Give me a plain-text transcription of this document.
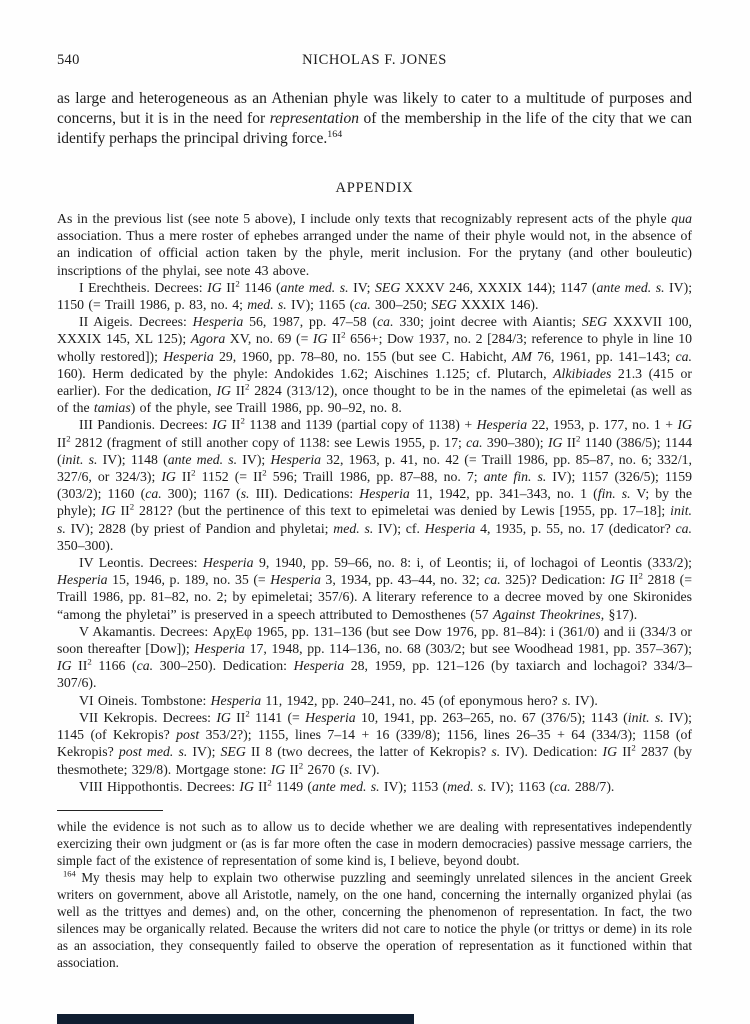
540	NICHOLAS F. JONES

as large and heterogeneous as an Athenian phyle was likely to cater to a multitude of purposes and concerns, but it is in the need for representation of the membership in the life of the city that we can identify perhaps the principal driving force.$^{164}$

APPENDIX

As in the previous list (see note 5 above), I include only texts that recognizably represent acts of the phyle qua association. Thus a mere roster of ephebes arranged under the name of their phyle would not, in the absence of an indication of official action taken by the phyle, merit inclusion. For the prytany (and other bouleutic) inscriptions of the phylai, see note 43 above.

I Erechtheis. Decrees: IG $II^2$ 1146 (ante med. s. IV; SEG XXXV 246, XXXIX 144); 1147 (ante med. s. IV); 1150 (= Traill 1986, p. 83, no. 4; med. s. IV); 1165 (ca. 300–250; SEG XXXIX 146).

II Aigeis. Decrees: Hesperia 56, 1987, pp. 47–58 (ca. 330; joint decree with Aiantis; SEG XXXVII 100, XXXIX 145, XL 125); Agora XV, no. 69 (= IG $II^2$ 656+; Dow 1937, no. 2 [284/3; reference to phyle in line 10 wholly restored]); Hesperia 29, 1960, pp. 78–80, no. 155 (but see C. Habicht, AM 76, 1961, pp. 141–143; ca. 160). Herm dedicated by the phyle: Andokides 1.62; Aischines 1.125; cf. Plutarch, Alkibiades 21.3 (415 or earlier). For the dedication, IG $II^2$ 2824 (313/12), once thought to be in the names of the epimeletai (as well as of the tamias) of the phyle, see Traill 1986, pp. 90–92, no. 8.

III Pandionis. Decrees: IG $II^2$ 1138 and 1139 (partial copy of 1138) + Hesperia 22, 1953, p. 177, no. 1 + IG $II^2$ 2812 (fragment of still another copy of 1138: see Lewis 1955, p. 17; ca. 390–380); IG $II^2$ 1140 (386/5); 1144 (init. s. IV); 1148 (ante med. s. IV); Hesperia 32, 1963, p. 41, no. 42 (= Traill 1986, pp. 85–87, no. 6; 332/1, 327/6, or 324/3); IG $II^2$ 1152 (= $II^2$ 596; Traill 1986, pp. 87–88, no. 7; ante fin. s. IV); 1157 (326/5); 1159 (303/2); 1160 (ca. 300); 1167 (s. III). Dedications: Hesperia 11, 1942, pp. 341–343, no. 1 (fin. s. V; by the phyle); IG $II^2$ 2812? (but the pertinence of this text to epimeletai was denied by Lewis [1955, pp. 17–18]; init. s. IV); 2828 (by priest of Pandion and phyletai; med. s. IV); cf. Hesperia 4, 1935, p. 55, no. 17 (dedicator? ca. 350–300).

IV Leontis. Decrees: Hesperia 9, 1940, pp. 59–66, no. 8: i, of Leontis; ii, of lochagoi of Leontis (333/2); Hesperia 15, 1946, p. 189, no. 35 (= Hesperia 3, 1934, pp. 43–44, no. 32; ca. 325)? Dedication: IG $II^2$ 2818 (= Traill 1986, pp. 81–82, no. 2; by epimeletai; 357/6). A literary reference to a decree moved by one Skironides “among the phyletai” is preserved in a speech attributed to Demosthenes (57 Against Theokrines, §17).

V Akamantis. Decrees: ΑρχΕφ 1965, pp. 131–136 (but see Dow 1976, pp. 81–84): i (361/0) and ii (334/3 or soon thereafter [Dow]); Hesperia 17, 1948, pp. 114–136, no. 68 (303/2; but see Woodhead 1981, pp. 357–367); IG $II^2$ 1166 (ca. 300–250). Dedication: Hesperia 28, 1959, pp. 121–126 (by taxiarch and lochagoi? 334/3–307/6).

VI Oineis. Tombstone: Hesperia 11, 1942, pp. 240–241, no. 45 (of eponymous hero? s. IV).

VII Kekropis. Decrees: IG $II^2$ 1141 (= Hesperia 10, 1941, pp. 263–265, no. 67 (376/5); 1143 (init. s. IV); 1145 (of Kekropis? post 353/2?); 1155, lines 7–14 + 16 (339/8); 1156, lines 26–35 + 64 (334/3); 1158 (of Kekropis? post med. s. IV); SEG II 8 (two decrees, the latter of Kekropis? s. IV). Dedication: IG $II^2$ 2837 (by thesmothete; 329/8). Mortgage stone: IG $II^2$ 2670 (s. IV).

VIII Hippothontis. Decrees: IG $II^2$ 1149 (ante med. s. IV); 1153 (med. s. IV); 1163 (ca. 288/7).

while the evidence is not such as to allow us to decide whether we are dealing with representatives independently exercizing their own judgment or (as is far more often the case in modern democracies) passive message carriers, the simple fact of the existence of representation of some kind is, I believe, beyond doubt.

$^{164}$ My thesis may help to explain two otherwise puzzling and seemingly unrelated silences in the ancient Greek writers on government, above all Aristotle, namely, on the one hand, concerning the internally organized phylai (as well as the trittyes and demes) and, on the other, concerning the phenomenon of representation. In fact, the two silences may be organically related. Because the writers did not care to notice the phyle (or trittys or deme) in its role as an association, they consequently failed to observe the operation of representation as it functioned within that association.
